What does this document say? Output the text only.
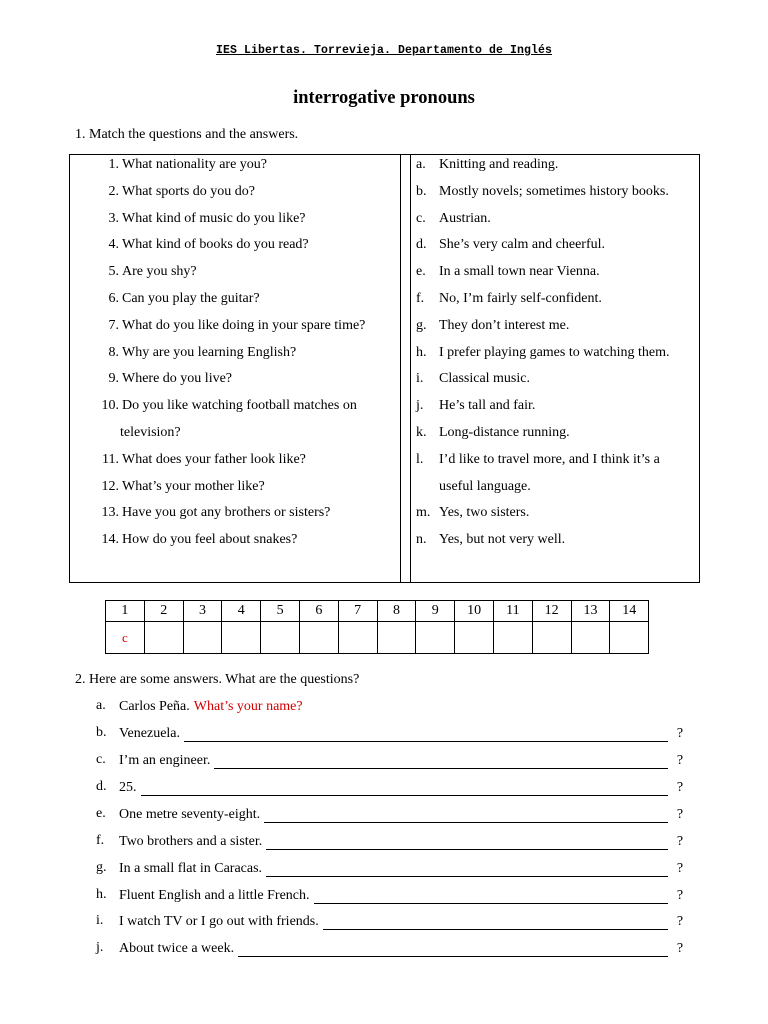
IES Libertas. Torrevieja. Departamento de Inglés
interrogative pronouns
1. Match the questions and the answers.
1. What nationality are you?
2. What sports do you do?
3. What kind of music do you like?
4. What kind of books do you read?
5. Are you shy?
6. Can you play the guitar?
7. What do you like doing in your spare time?
8. Why are you learning English?
9. Where do you live?
10. Do you like watching football matches on
television?
11. What does your father look like?
12. What’s your mother like?
13. Have you got any brothers or sisters?
14. How do you feel about snakes?
a. Knitting and reading.
b. Mostly novels; sometimes history books.
c. Austrian.
d. She’s very calm and cheerful.
e. In a small town near Vienna.
f. No, I’m fairly self-confident.
g. They don’t interest me.
h. I prefer playing games to watching them.
i. Classical music.
j. He’s tall and fair.
k. Long-distance running.
l. I’d like to travel more, and I think it’s a
useful language.
m. Yes, two sisters.
n. Yes, but not very well.
1	2	3	4	5	6	7	8	9	10	11	12	13	14
c													
2. Here are some answers. What are the questions?
a. Carlos Peña. What’s your name?
b. Venezuela.	?
c. I’m an engineer.	?
d. 25.	?
e. One metre seventy-eight.	?
f. Two brothers and a sister.	?
g. In a small flat in Caracas.	?
h. Fluent English and a little French.	?
i. I watch TV or I go out with friends.	?
j. About twice a week.	?
